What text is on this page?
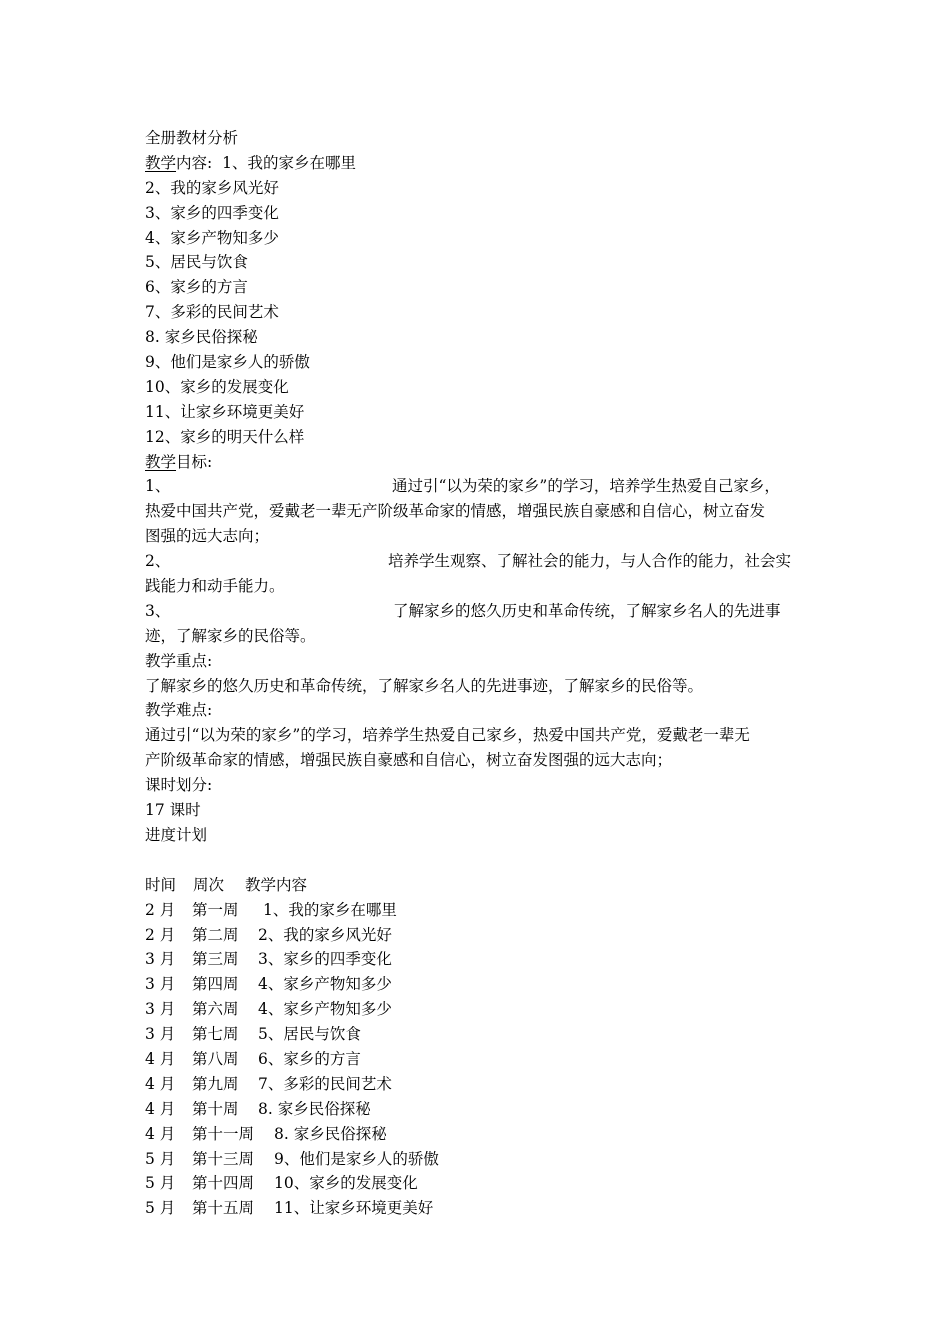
全册教材分析
教学内容: 1、我的家乡在哪里
2、我的家乡风光好
3、家乡的四季变化
4、家乡产物知多少
5、居民与饮食
6、家乡的方言
7、多彩的民间艺术
8. 家乡民俗探秘
9、他们是家乡人的骄傲
10、家乡的发展变化
11、让家乡环境更美好
12、家乡的明天什么样
教学目标:
1、	通过引“以为荣的家乡”的学习，培养学生热爱自己家乡，
热爱中国共产党，爱戴老一辈无产阶级革命家的情感，增强民族自豪感和自信心，树立奋发
图强的远大志向；
2、	培养学生观察、了解社会的能力，与人合作的能力，社会实
践能力和动手能力。
3、	了解家乡的悠久历史和革命传统，了解家乡名人的先进事
迹，了解家乡的民俗等。
教学重点:
了解家乡的悠久历史和革命传统，了解家乡名人的先进事迹，了解家乡的民俗等。
教学难点:
通过引“以为荣的家乡”的学习，培养学生热爱自己家乡，热爱中国共产党，爱戴老一辈无
产阶级革命家的情感，增强民族自豪感和自信心，树立奋发图强的远大志向；
课时划分:
17 课时
进度计划
时间 周次 教学内容
2 月 第一周 1、我的家乡在哪里
2 月 第二周 2、我的家乡风光好
3 月 第三周 3、家乡的四季变化
3 月 第四周 4、家乡产物知多少
3 月 第六周 4、家乡产物知多少
3 月 第七周 5、居民与饮食
4 月 第八周 6、家乡的方言
4 月 第九周 7、多彩的民间艺术
4 月 第十周 8. 家乡民俗探秘
4 月 第十一周 8. 家乡民俗探秘
5 月 第十三周 9、他们是家乡人的骄傲
5 月 第十四周 10、家乡的发展变化
5 月 第十五周 11、让家乡环境更美好
